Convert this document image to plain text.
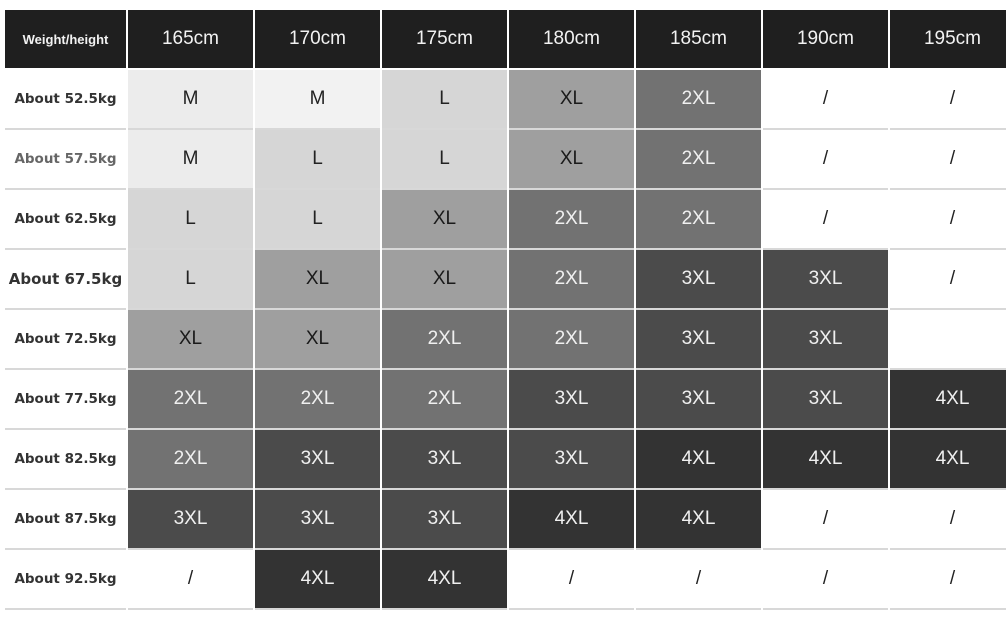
Weight/height	165cm	170cm	175cm	180cm	185cm	190cm	195cm
About 52.5kg	M	M	L	XL	2XL	/	/
About 57.5kg	M	L	L	XL	2XL	/	/
About 62.5kg	L	L	XL	2XL	2XL	/	/
About 67.5kg	L	XL	XL	2XL	3XL	3XL	/
About 72.5kg	XL	XL	2XL	2XL	3XL	3XL
About 77.5kg	2XL	2XL	2XL	3XL	3XL	3XL	4XL
About 82.5kg	2XL	3XL	3XL	3XL	4XL	4XL	4XL
About 87.5kg	3XL	3XL	3XL	4XL	4XL	/	/
About 92.5kg	/	4XL	4XL	/	/	/	/
